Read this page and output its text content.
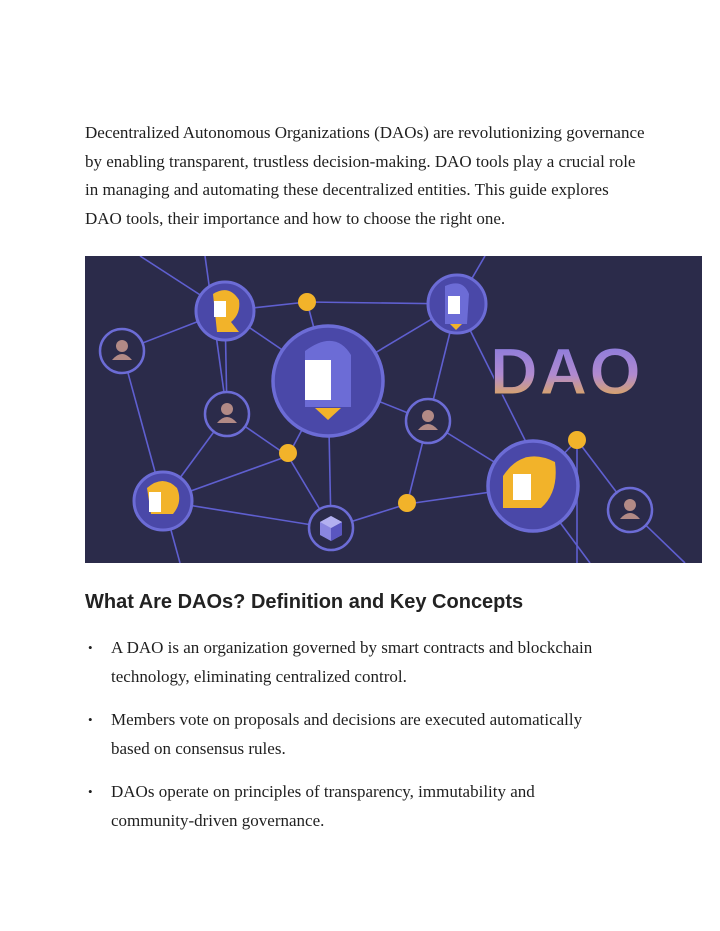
Decentralized Autonomous Organizations (DAOs) are revolutionizing governance by enabling transparent, trustless decision-making. DAO tools play a crucial role in managing and automating these decentralized entities. This guide explores DAO tools, their importance and how to choose the right one.

DAO
What Are DAOs? Definition and Key Concepts
• A DAO is an organization governed by smart contracts and blockchain technology, eliminating centralized control.
• Members vote on proposals and decisions are executed automatically based on consensus rules.
• DAOs operate on principles of transparency, immutability and community-driven governance.
